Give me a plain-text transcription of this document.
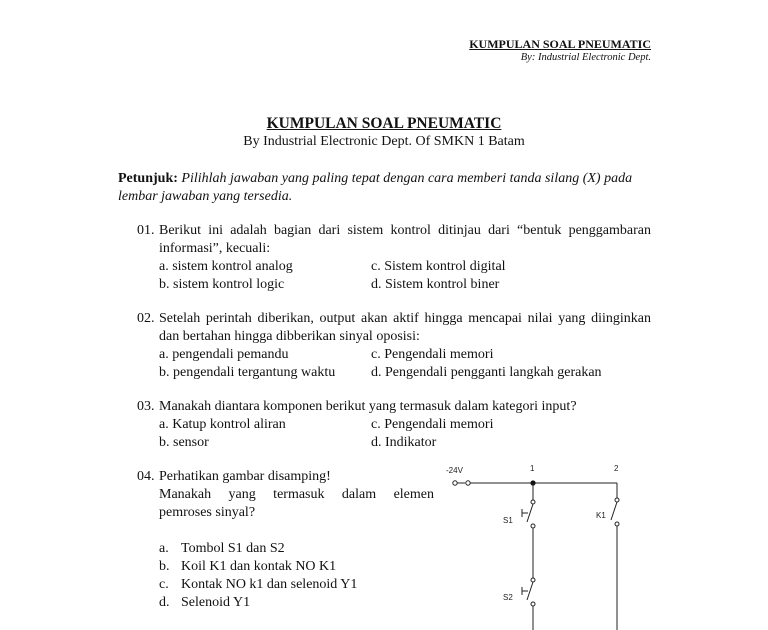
KUMPULAN SOAL PNEUMATIC
By: Industrial Electronic Dept.
KUMPULAN SOAL PNEUMATIC
By Industrial Electronic Dept. Of SMKN 1 Batam
Petunjuk: Pilihlah jawaban yang paling tepat dengan cara memberi tanda silang (X) pada lembar jawaban yang tersedia.
01. Berikut ini adalah bagian dari sistem kontrol ditinjau dari “bentuk penggambaran informasi”, kecuali:
a. sistem kontrol analog
b. sistem kontrol logic
c. Sistem kontrol digital
d. Sistem kontrol biner
02. Setelah perintah diberikan, output akan aktif hingga mencapai nilai yang diinginkan dan bertahan hingga dibberikan sinyal oposisi:
a. pengendali pemandu
b. pengendali tergantung waktu
c. Pengendali memori
d. Pengendali pengganti langkah gerakan
03. Manakah diantara komponen berikut yang termasuk dalam kategori input?
a. Katup kontrol aliran
b. sensor
c. Pengendali memori
d. Indikator
04. Perhatikan gambar disamping!
Manakah yang termasuk dalam elemen pemroses sinyal?
a. Tombol S1 dan S2
b. Koil K1 dan kontak NO K1
c. Kontak NO k1 dan selenoid Y1
d. Selenoid Y1
-24V	1	2
S1
S2
K1
